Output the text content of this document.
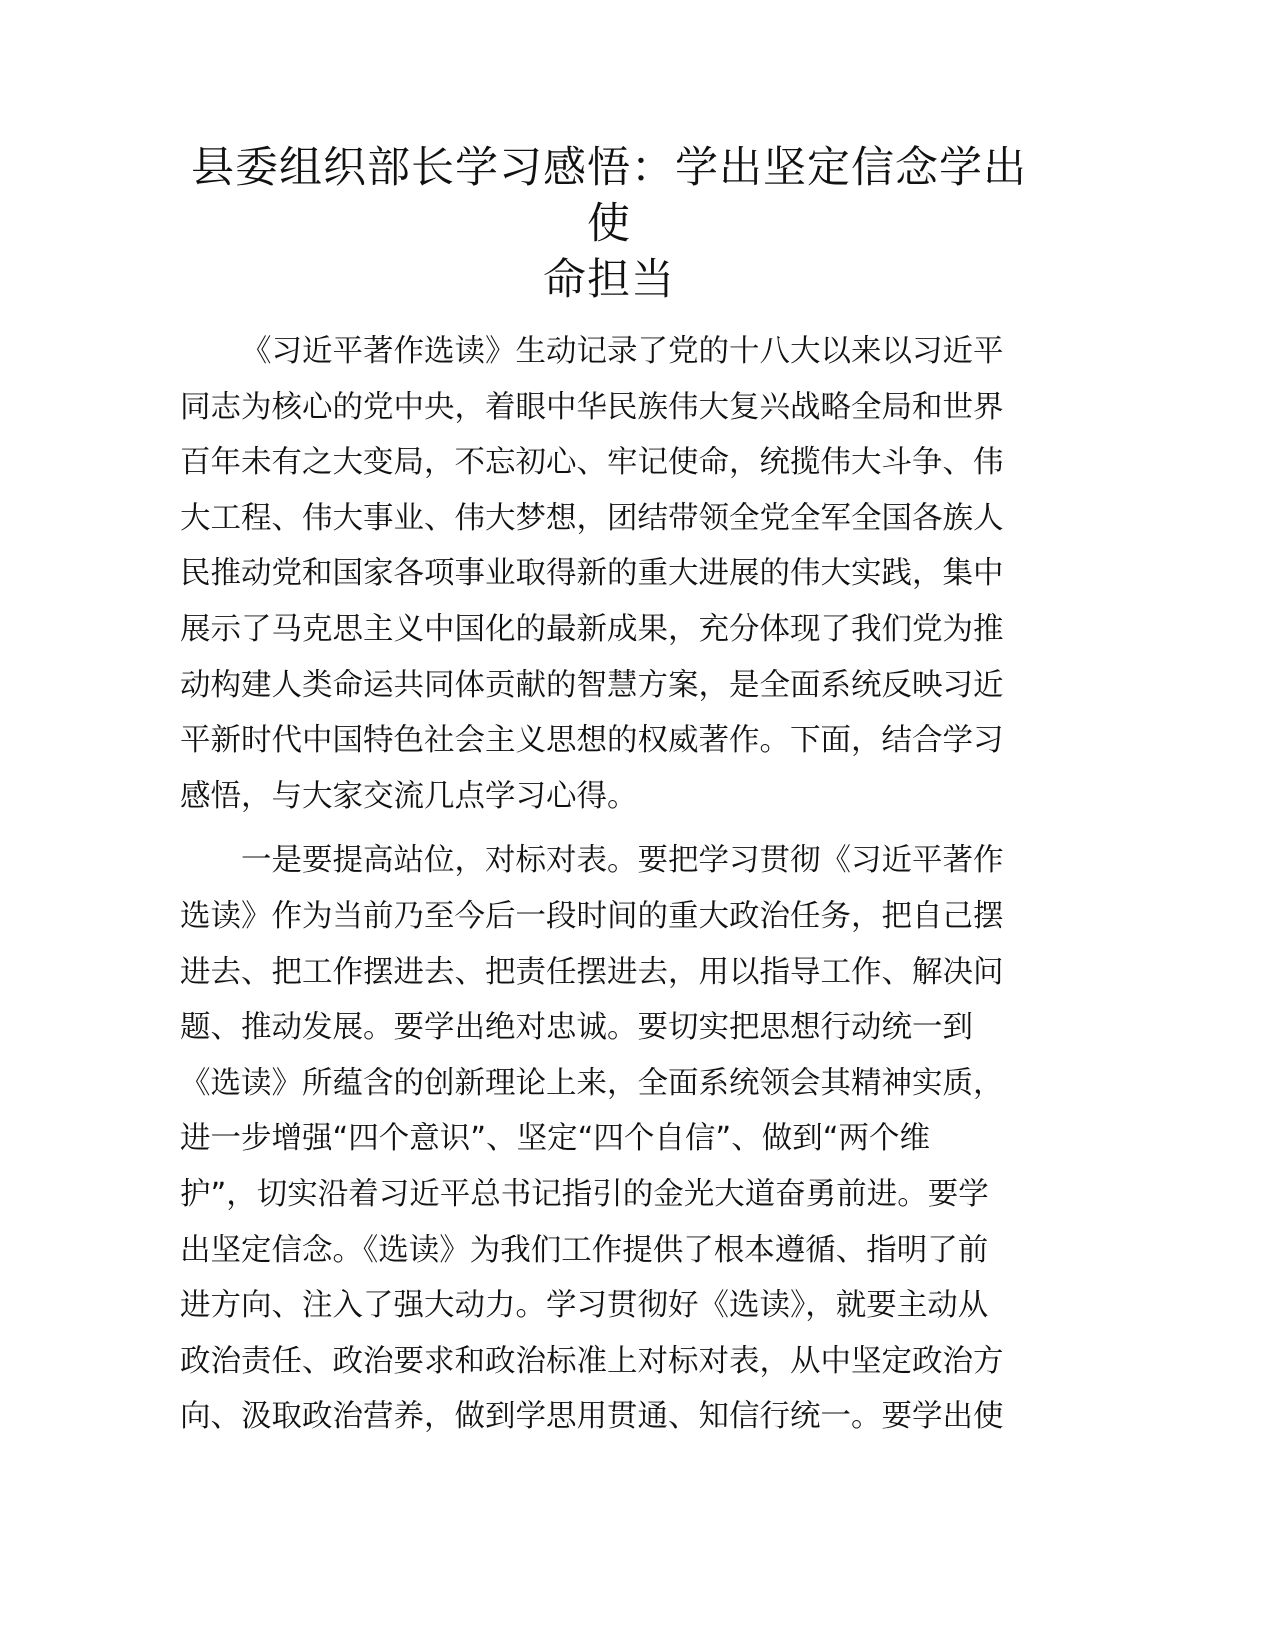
县委组织部长学习感悟：学出坚定信念学出使
命担当

《习近平著作选读》生动记录了党的十八大以来以习近平
同志为核心的党中央，着眼中华民族伟大复兴战略全局和世界
百年未有之大变局，不忘初心、牢记使命，统揽伟大斗争、伟
大工程、伟大事业、伟大梦想，团结带领全党全军全国各族人
民推动党和国家各项事业取得新的重大进展的伟大实践，集中
展示了马克思主义中国化的最新成果，充分体现了我们党为推
动构建人类命运共同体贡献的智慧方案，是全面系统反映习近
平新时代中国特色社会主义思想的权威著作。下面，结合学习
感悟，与大家交流几点学习心得。

一是要提高站位，对标对表。要把学习贯彻《习近平著作
选读》作为当前乃至今后一段时间的重大政治任务，把自己摆
进去、把工作摆进去、把责任摆进去，用以指导工作、解决问
题、推动发展。要学出绝对忠诚。要切实把思想行动统一到
《选读》所蕴含的创新理论上来，全面系统领会其精神实质，
进一步增强“四个意识”、坚定“四个自信”、做到“两个维
护”，切实沿着习近平总书记指引的金光大道奋勇前进。要学
出坚定信念。《选读》为我们工作提供了根本遵循、指明了前
进方向、注入了强大动力。学习贯彻好《选读》，就要主动从
政治责任、政治要求和政治标准上对标对表，从中坚定政治方
向、汲取政治营养，做到学思用贯通、知信行统一。要学出使
